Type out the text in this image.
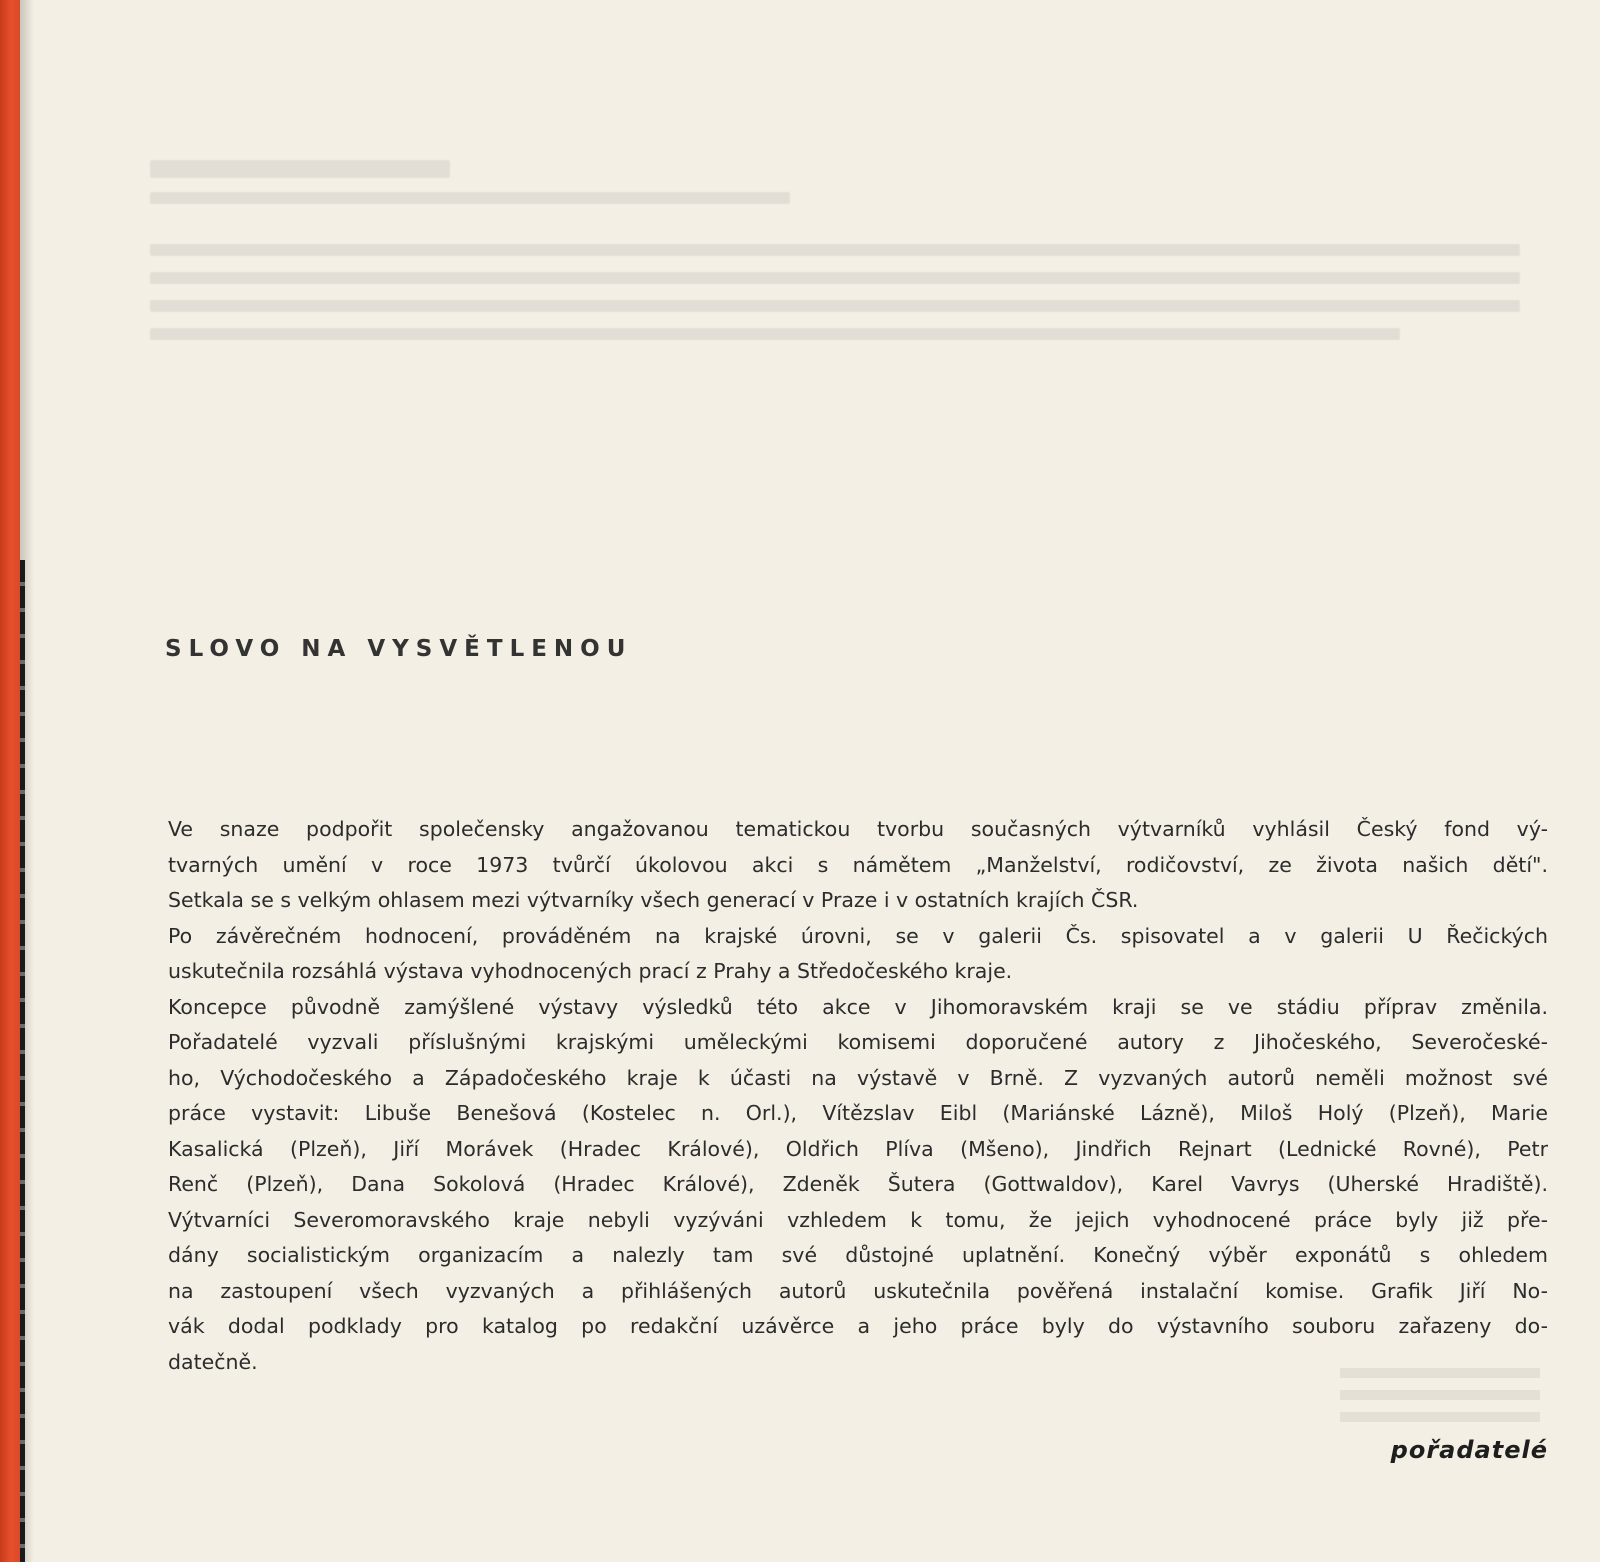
SLOVO NA VYSVĚTLENOU
Ve snaze podpořit společensky angažovanou tematickou tvorbu současných výtvarníků vyhlásil Český fond vý-
tvarných umění v roce 1973 tvůrčí úkolovou akci s námětem „Manželství, rodičovství, ze života našich dětí".
Setkala se s velkým ohlasem mezi výtvarníky všech generací v Praze i v ostatních krajích ČSR.
Po závěrečném hodnocení, prováděném na krajské úrovni, se v galerii Čs. spisovatel a v galerii U Řečických
uskutečnila rozsáhlá výstava vyhodnocených prací z Prahy a Středočeského kraje.
Koncepce původně zamýšlené výstavy výsledků této akce v Jihomoravském kraji se ve stádiu příprav změnila.
Pořadatelé vyzvali příslušnými krajskými uměleckými komisemi doporučené autory z Jihočeského, Severočeské-
ho, Východočeského a Západočeského kraje k účasti na výstavě v Brně. Z vyzvaných autorů neměli možnost své
práce vystavit: Libuše Benešová (Kostelec n. Orl.), Vítězslav Eibl (Mariánské Lázně), Miloš Holý (Plzeň), Marie
Kasalická (Plzeň), Jiří Morávek (Hradec Králové), Oldřich Plíva (Mšeno), Jindřich Rejnart (Lednické Rovné), Petr
Renč (Plzeň), Dana Sokolová (Hradec Králové), Zdeněk Šutera (Gottwaldov), Karel Vavrys (Uherské Hradiště).
Výtvarníci Severomoravského kraje nebyli vyzýváni vzhledem k tomu, že jejich vyhodnocené práce byly již pře-
dány socialistickým organizacím a nalezly tam své důstojné uplatnění. Konečný výběr exponátů s ohledem
na zastoupení všech vyzvaných a přihlášených autorů uskutečnila pověřená instalační komise. Grafik Jiří No-
vák dodal podklady pro katalog po redakční uzávěrce a jeho práce byly do výstavního souboru zařazeny do-
datečně.
pořadatelé
